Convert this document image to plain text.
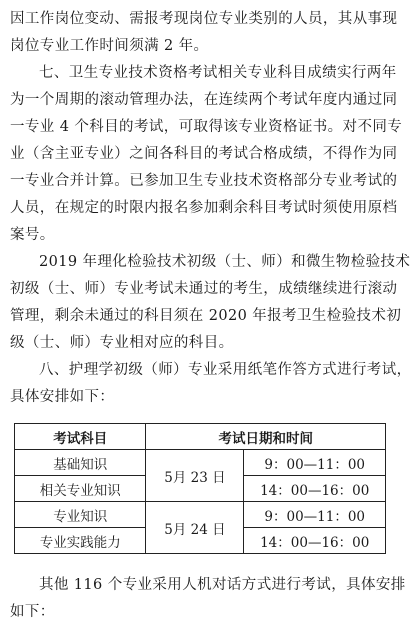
因工作岗位变动、需报考现岗位专业类别的人员，其从事现
岗位专业工作时间须满 2 年。
七、卫生专业技术资格考试相关专业科目成绩实行两年
为一个周期的滚动管理办法，在连续两个考试年度内通过同
一专业 4 个科目的考试，可取得该专业资格证书。对不同专
业（含主亚专业）之间各科目的考试合格成绩，不得作为同
一专业合并计算。已参加卫生专业技术资格部分专业考试的
人员，在规定的时限内报名参加剩余科目考试时须使用原档
案号。
2019 年理化检验技术初级（士、师）和微生物检验技术
初级（士、师）专业考试未通过的考生，成绩继续进行滚动
管理，剩余未通过的科目须在 2020 年报考卫生检验技术初
级（士、师）专业相对应的科目。
八、护理学初级（师）专业采用纸笔作答方式进行考试，
具体安排如下：
考试科目	考试日期和时间	
基础知识	5月 23 日	9：00—11：00
相关专业知识		14：00—16：00
专业知识	5月 24 日	9：00—11：00
专业实践能力		14：00—16：00
其他 116 个专业采用人机对话方式进行考试，具体安排
如下：
